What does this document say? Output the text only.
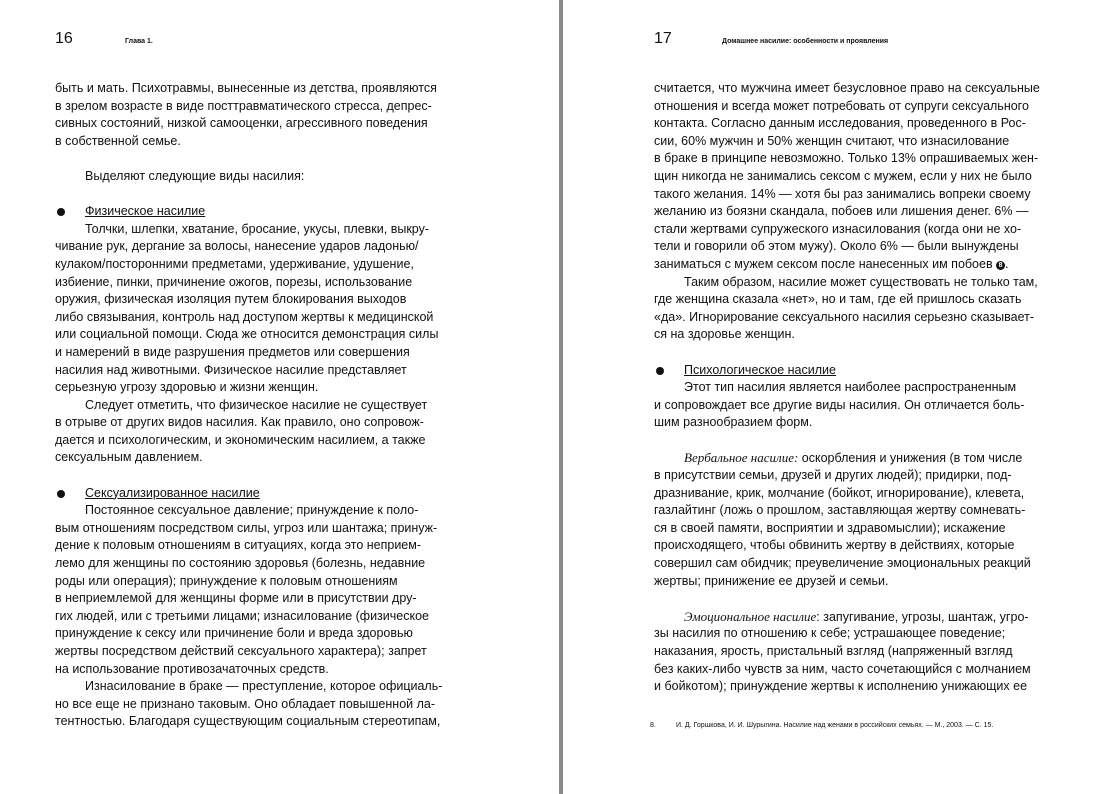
16	Глава 1.
быть и мать. Психотравмы, вынесенные из детства, проявляются
в зрелом возрасте в виде посттравматического стресса, депрес-
сивных состояний, низкой самооценки, агрессивного поведения
в собственной семье.
Выделяют следующие виды насилия:
Физическое насилие
Толчки, шлепки, хватание, бросание, укусы, плевки, выкру-
чивание рук, дергание за волосы, нанесение ударов ладонью/
кулаком/посторонними предметами, удерживание, удушение,
избиение, пинки, причинение ожогов, порезы, использование
оружия, физическая изоляция путем блокирования выходов
либо связывания, контроль над доступом жертвы к медицинской
или социальной помощи. Сюда же относится демонстрация силы
и намерений в виде разрушения предметов или совершения
насилия над животными. Физическое насилие представляет
серьезную угрозу здоровью и жизни женщин.
Следует отметить, что физическое насилие не существует
в отрыве от других видов насилия. Как правило, оно сопровож-
дается и психологическим, и экономическим насилием, а также
сексуальным давлением.
Сексуализированное насилие
Постоянное сексуальное давление; принуждение к поло-
вым отношениям посредством силы, угроз или шантажа; принуж-
дение к половым отношениям в ситуациях, когда это неприем-
лемо для женщины по состоянию здоровья (болезнь, недавние
роды или операция); принуждение к половым отношениям
в неприемлемой для женщины форме или в присутствии дру-
гих людей, или с третьими лицами; изнасилование (физическое
принуждение к сексу или причинение боли и вреда здоровью
жертвы посредством действий сексуального характера); запрет
на использование противозачаточных средств.
Изнасилование в браке — преступление, которое официаль-
но все еще не признано таковым. Оно обладает повышенной ла-
тентностью. Благодаря существующим социальным стереотипам,
17	Домашнее насилие: особенности и проявления
считается, что мужчина имеет безусловное право на сексуальные
отношения и всегда может потребовать от супруги сексуального
контакта. Согласно данным исследования, проведенного в Рос-
сии, 60% мужчин и 50% женщин считают, что изнасилование
в браке в принципе невозможно. Только 13% опрашиваемых жен-
щин никогда не занимались сексом с мужем, если у них не было
такого желания. 14% — хотя бы раз занимались вопреки своему
желанию из боязни скандала, побоев или лишения денег. 6% —
стали жертвами супружеского изнасилования (когда они не хо-
тели и говорили об этом мужу). Около 6% — были вынуждены
заниматься с мужем сексом после нанесенных им побоев 8 .
Таким образом, насилие может существовать не только там,
где женщина сказала «нет», но и там, где ей пришлось сказать
«да». Игнорирование сексуального насилия серьезно сказывает-
ся на здоровье женщин.
Психологическое насилие
Этот тип насилия является наиболее распространенным
и сопровождает все другие виды насилия. Он отличается боль-
шим разнообразием форм.
Вербальное насилие: оскорбления и унижения (в том числе
в присутствии семьи, друзей и других людей); придирки, под-
дразнивание, крик, молчание (бойкот, игнорирование), клевета,
газлайтинг (ложь о прошлом, заставляющая жертву сомневать-
ся в своей памяти, восприятии и здравомыслии); искажение
происходящего, чтобы обвинить жертву в действиях, которые
совершил сам обидчик; преувеличение эмоциональных реакций
жертвы; принижение ее друзей и семьи.
Эмоциональное насилие: запугивание, угрозы, шантаж, угро-
зы насилия по отношению к себе; устрашающее поведение;
наказания, ярость, пристальный взгляд (напряженный взгляд
без каких-либо чувств за ним, часто сочетающийся с молчанием
и бойкотом); принуждение жертвы к исполнению унижающих ее
8.	И. Д. Горшкова, И. И. Шурыгина. Насилие над женами в российских семьях. — М., 2003. — С. 15.
